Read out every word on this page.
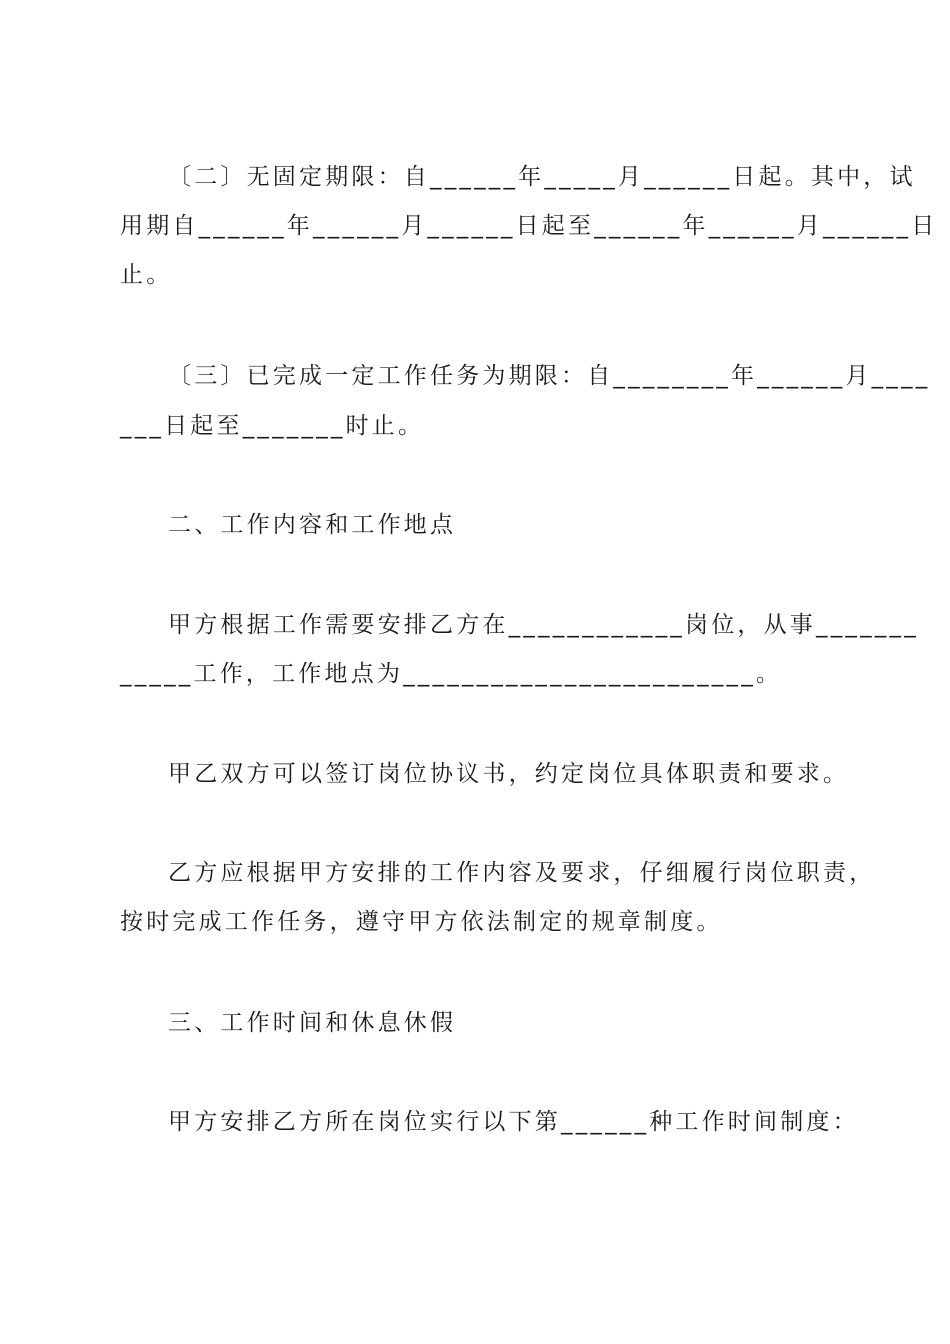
〔二〕无固定期限：自______年_____月______日起。其中，试
用期自______年______月______日起至______年______月______日
止。
〔三〕已完成一定工作任务为期限：自________年______月____
___日起至_______时止。
二、工作内容和工作地点
甲方根据工作需要安排乙方在____________岗位，从事_______
_____工作，工作地点为________________________。
甲乙双方可以签订岗位协议书，约定岗位具体职责和要求。
乙方应根据甲方安排的工作内容及要求，仔细履行岗位职责，
按时完成工作任务，遵守甲方依法制定的规章制度。
三、工作时间和休息休假
甲方安排乙方所在岗位实行以下第______种工作时间制度：
